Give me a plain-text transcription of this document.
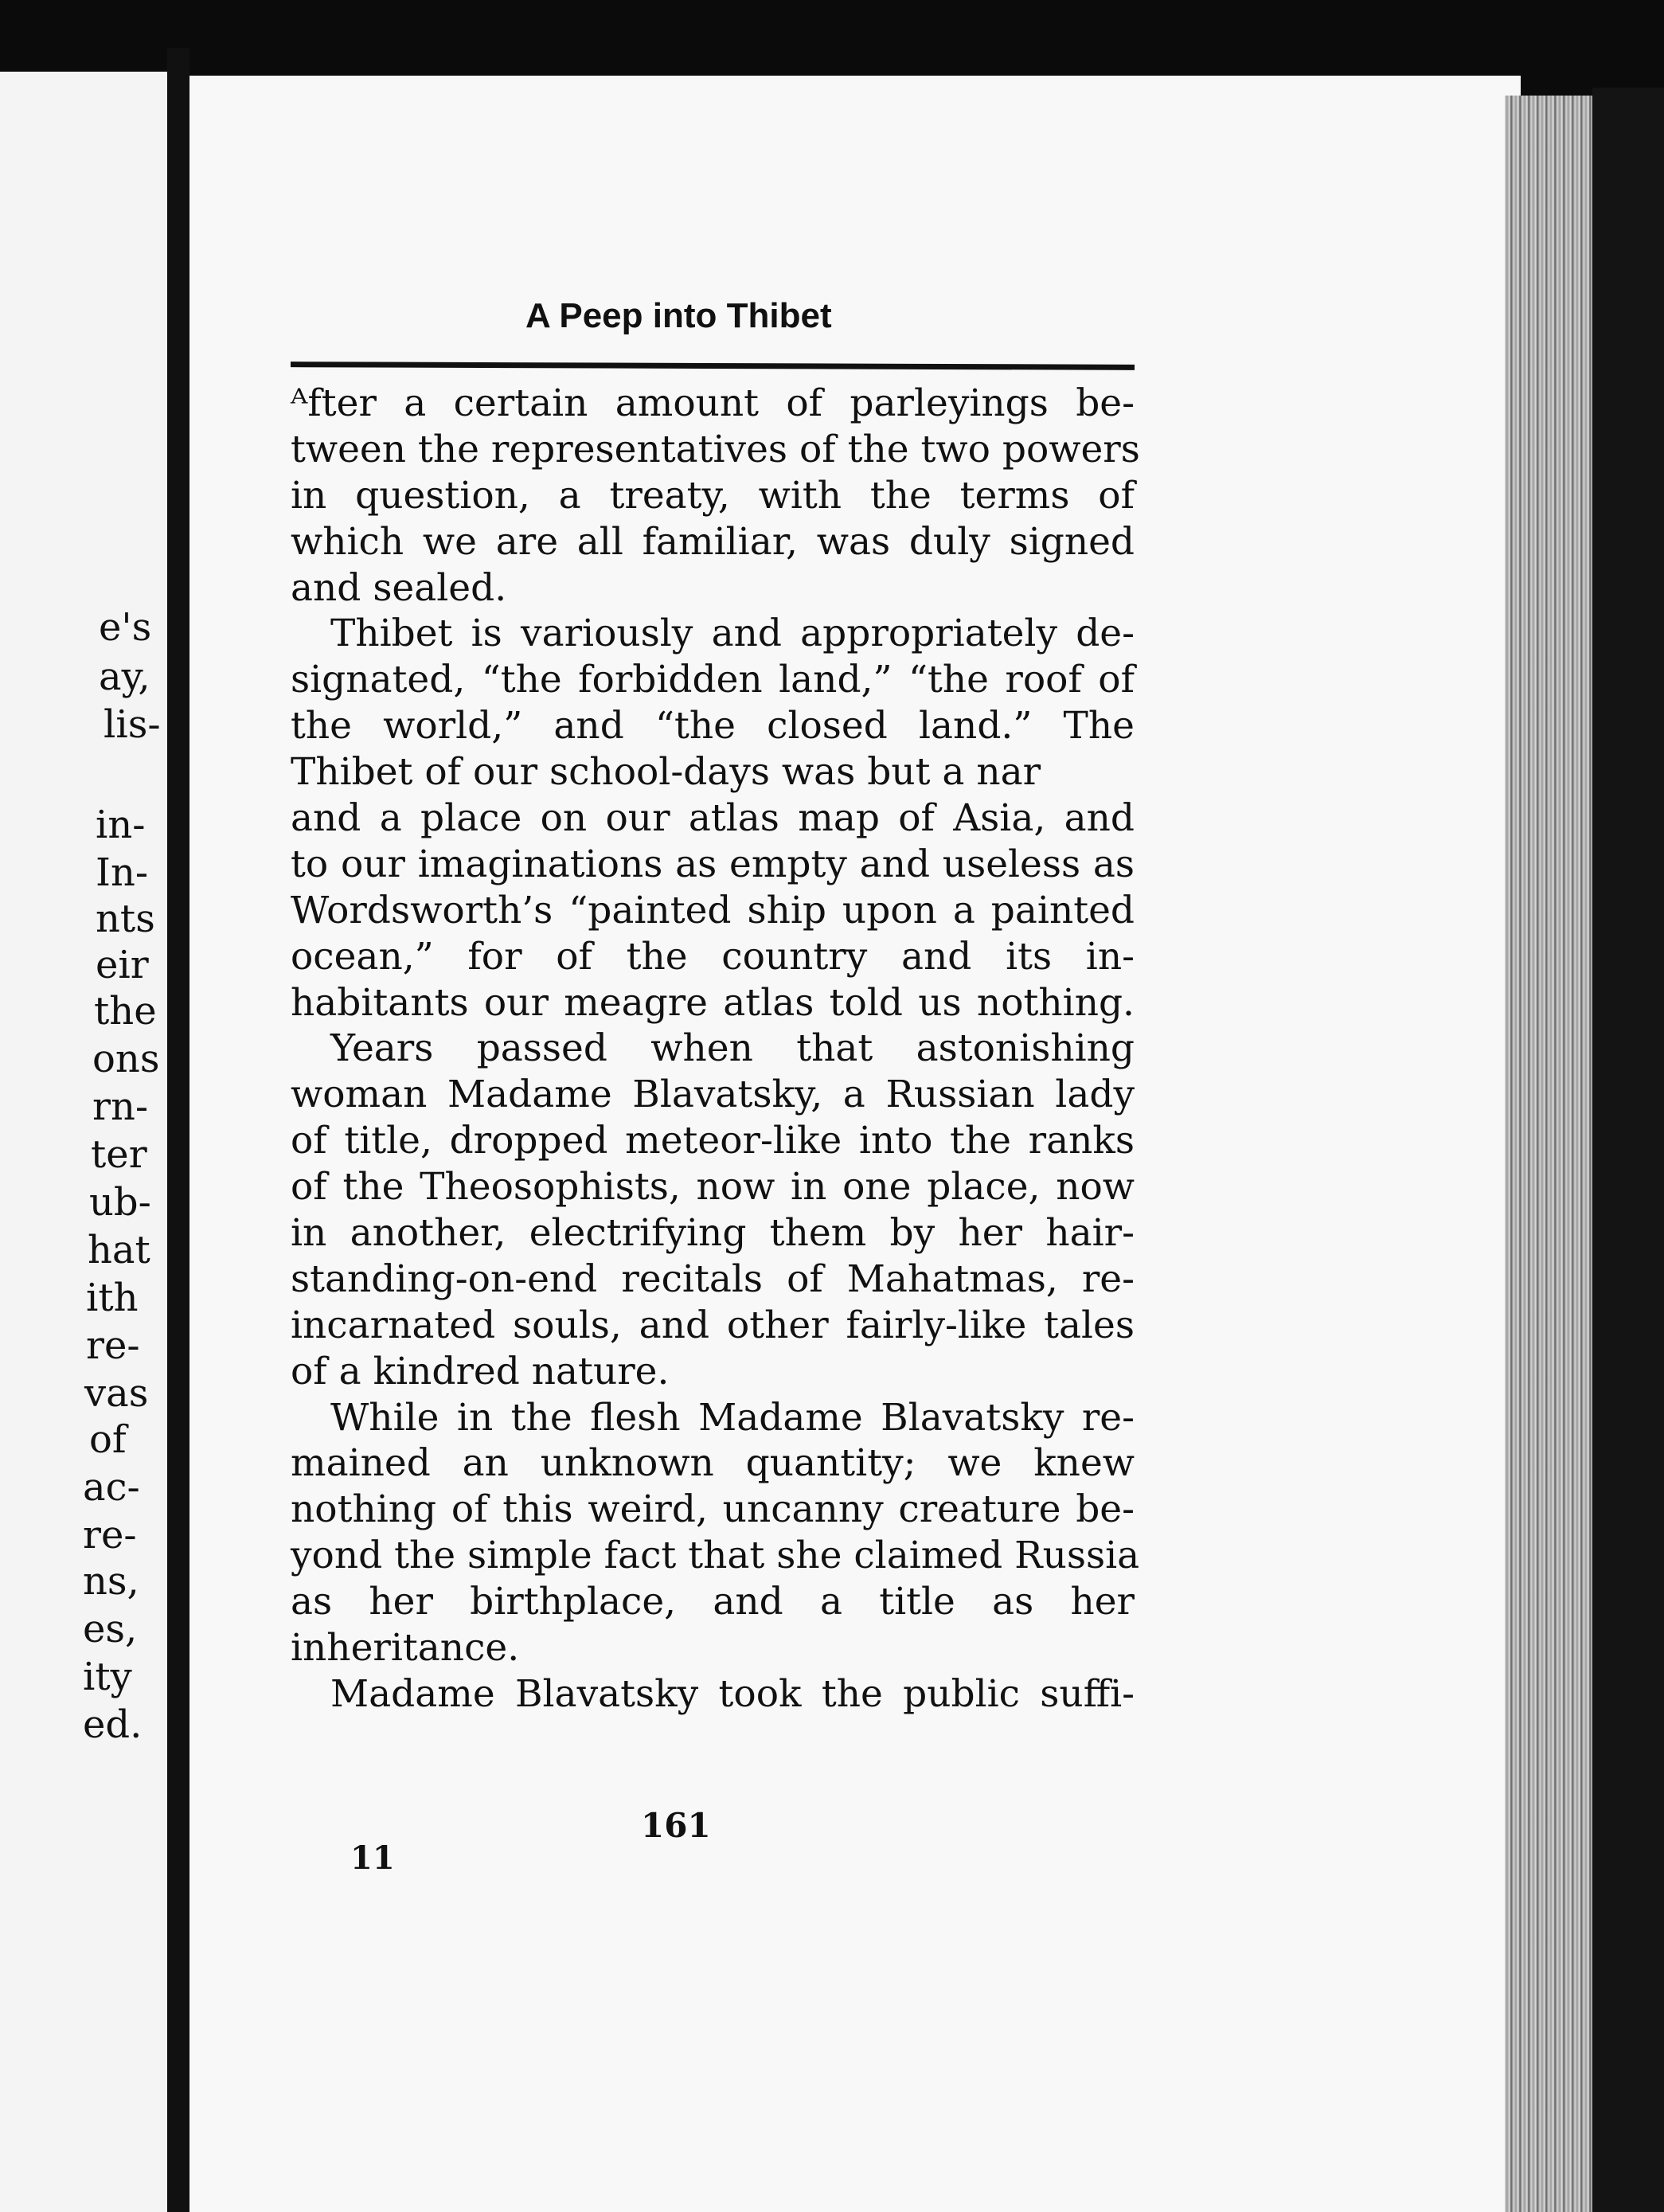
e's
ay,
lis-
in-
In-
nts
eir
the
ons
rn-
ter
ub-
hat
ith
re-
vas
of
ac-
re-
ns,
es,
ity
ed.
A Peep into Thibet
ᴬfter a certain amount of parleyings be-
tween the representatives of the two powers
in question, a treaty, with the terms of
which we are all familiar, was duly signed
and sealed.
Thibet is variously and appropriately de-
signated, “the forbidden land,” “the roof of
the world,” and “the closed land.” The
Thibet of our school-days was but a nar
and a place on our atlas map of Asia, and
to our imaginations as empty and useless as
Wordsworth’s “painted ship upon a painted
ocean,” for of the country and its in-
habitants our meagre atlas told us nothing.
Years passed when that astonishing
woman Madame Blavatsky, a Russian lady
of title, dropped meteor-like into the ranks
of the Theosophists, now in one place, now
in another, electrifying them by her hair-
standing-on-end recitals of Mahatmas, re-
incarnated souls, and other fairly-like tales
of a kindred nature.
While in the flesh Madame Blavatsky re-
mained an unknown quantity; we knew
nothing of this weird, uncanny creature be-
yond the simple fact that she claimed Russia
as her birthplace, and a title as her
inheritance.
Madame Blavatsky took the public suffi-
161
11
